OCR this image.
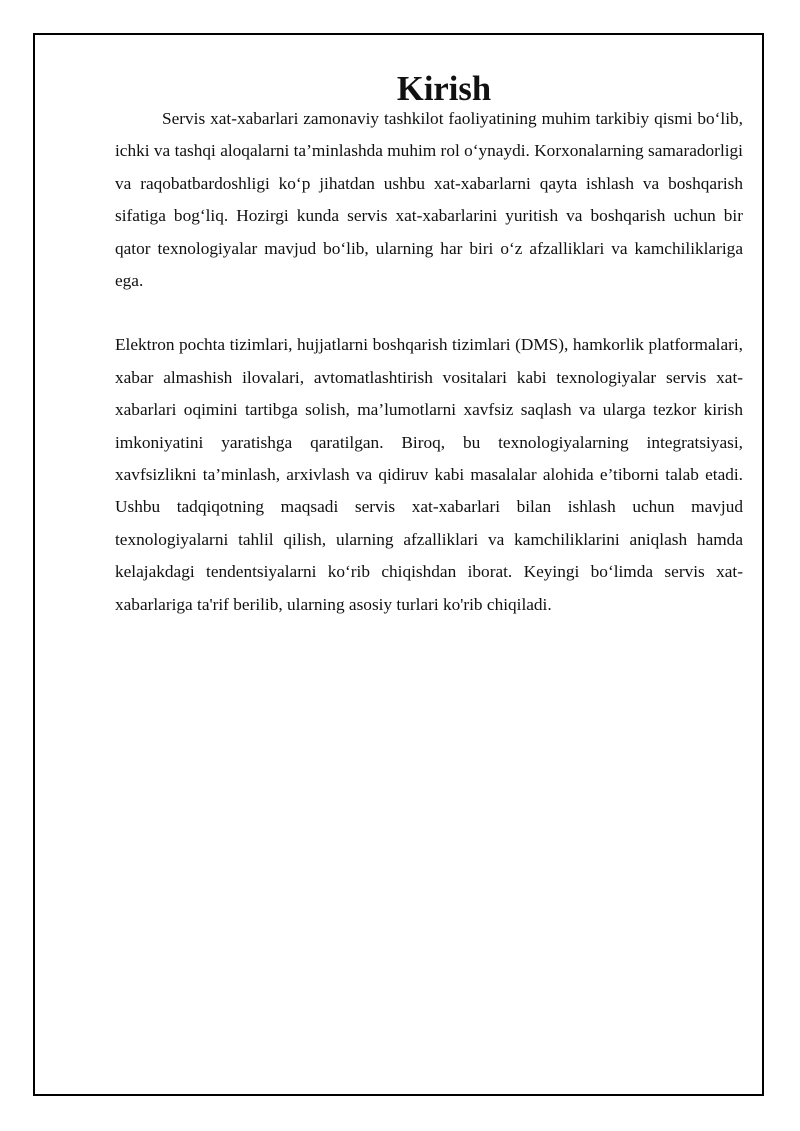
Kirish

Servis xat-xabarlari zamonaviy tashkilot faoliyatining muhim tarkibiy qismi bo‘lib, ichki va tashqi aloqalarni ta’minlashda muhim rol o‘ynaydi. Korxonalarning samaradorligi va raqobatbardoshligi ko‘p jihatdan ushbu xat-xabarlarni qayta ishlash va boshqarish sifatiga bog‘liq. Hozirgi kunda servis xat-xabarlarini yuritish va boshqarish uchun bir qator texnologiyalar mavjud bo‘lib, ularning har biri o‘z afzalliklari va kamchiliklariga ega.

Elektron pochta tizimlari, hujjatlarni boshqarish tizimlari (DMS), hamkorlik platformalari, xabar almashish ilovalari, avtomatlashtirish vositalari kabi texnologiyalar servis xat-xabarlari oqimini tartibga solish, ma’lumotlarni xavfsiz saqlash va ularga tezkor kirish imkoniyatini yaratishga qaratilgan. Biroq, bu texnologiyalarning integratsiyasi, xavfsizlikni ta’minlash, arxivlash va qidiruv kabi masalalar alohida e’tiborni talab etadi. Ushbu tadqiqotning maqsadi servis xat-xabarlari bilan ishlash uchun mavjud texnologiyalarni tahlil qilish, ularning afzalliklari va kamchiliklarini aniqlash hamda kelajakdagi tendentsiyalarni ko‘rib chiqishdan iborat. Keyingi bo‘limda servis xat-xabarlariga ta'rif berilib, ularning asosiy turlari ko'rib chiqiladi.
